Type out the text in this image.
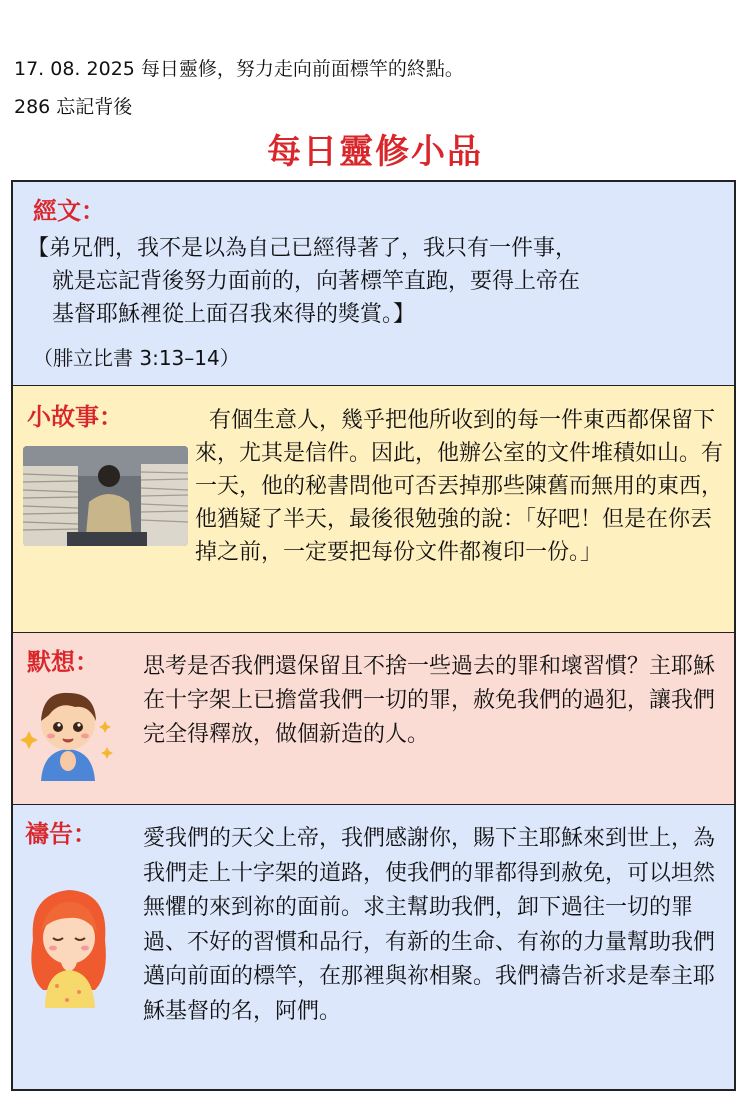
17. 08. 2025 每日靈修，努力走向前面標竿的終點。
286 忘記背後
每日靈修小品
經文：

【弟兄們，我不是以為自己已經得著了，我只有一件事，

就是忘記背後努力面前的，向著標竿直跑，要得上帝在

基督耶穌裡從上面召我來得的獎賞。】

（腓立比書 3:13–14）
小故事：	有個生意人，幾乎把他所收到的每一件東西都保留下來，尤其是信件。因此，他辦公室的文件堆積如山。有一天，他的秘書問他可否丟掉那些陳舊而無用的東西，他猶疑了半天，最後很勉強的說：「好吧！但是在你丟掉之前，一定要把每份文件都複印一份。」
默想： 思考是否我們還保留且不捨一些過去的罪和壞習慣？主耶穌在十字架上已擔當我們一切的罪，赦免我們的過犯，讓我們完全得釋放，做個新造的人。
禱告： 愛我們的天父上帝，我們感謝你，賜下主耶穌來到世上，為我們走上十字架的道路，使我們的罪都得到赦免，可以坦然無懼的來到祢的面前。求主幫助我們，卸下過往一切的罪過、不好的習慣和品行，有新的生命、有祢的力量幫助我們邁向前面的標竿，在那裡與祢相聚。我們禱告祈求是奉主耶穌基督的名，阿們。
